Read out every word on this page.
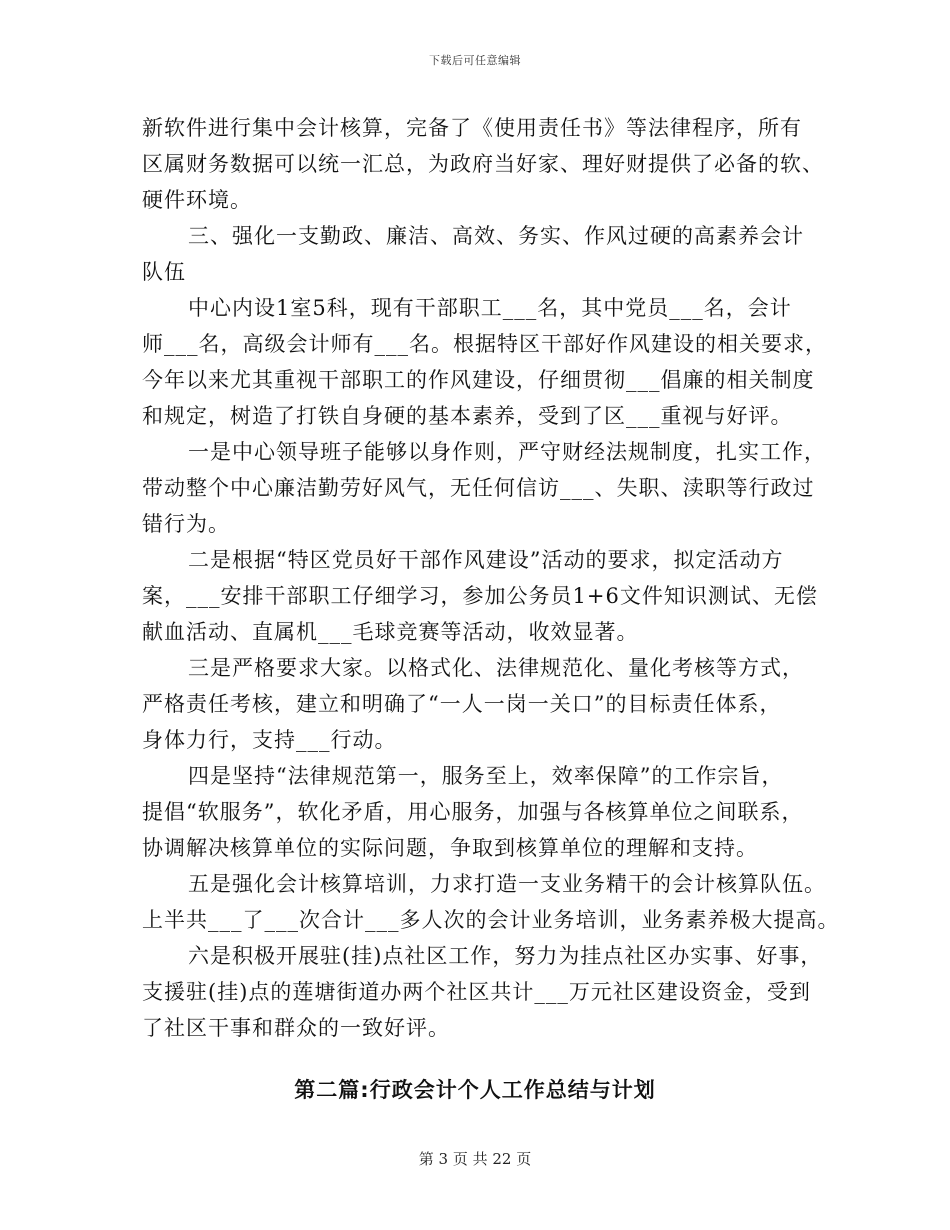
下载后可任意编辑
新软件进行集中会计核算，完备了《使用责任书》等法律程序，所有
区属财务数据可以统一汇总，为政府当好家、理好财提供了必备的软、
硬件环境。
三、强化一支勤政、廉洁、高效、务实、作风过硬的高素养会计
队伍
中心内设1室5科，现有干部职工___名，其中党员___名，会计
师___名，高级会计师有___名。根据特区干部好作风建设的相关要求，
今年以来尤其重视干部职工的作风建设，仔细贯彻___倡廉的相关制度
和规定，树造了打铁自身硬的基本素养，受到了区___重视与好评。
一是中心领导班子能够以身作则，严守财经法规制度，扎实工作，
带动整个中心廉洁勤劳好风气，无任何信访___、失职、渎职等行政过
错行为。
二是根据“特区党员好干部作风建设”活动的要求，拟定活动方
案，___安排干部职工仔细学习，参加公务员1+6文件知识测试、无偿
献血活动、直属机___毛球竞赛等活动，收效显著。
三是严格要求大家。以格式化、法律规范化、量化考核等方式，
严格责任考核，建立和明确了“一人一岗一关口”的目标责任体系，
身体力行，支持___行动。
四是坚持“法律规范第一，服务至上，效率保障”的工作宗旨，
提倡“软服务”，软化矛盾，用心服务，加强与各核算单位之间联系，
协调解决核算单位的实际问题，争取到核算单位的理解和支持。
五是强化会计核算培训，力求打造一支业务精干的会计核算队伍。
上半共___了___次合计___多人次的会计业务培训，业务素养极大提高。
六是积极开展驻(挂)点社区工作，努力为挂点社区办实事、好事，
支援驻(挂)点的莲塘街道办两个社区共计___万元社区建设资金，受到
了社区干事和群众的一致好评。
第二篇:行政会计个人工作总结与计划
第 3 页 共 22 页
